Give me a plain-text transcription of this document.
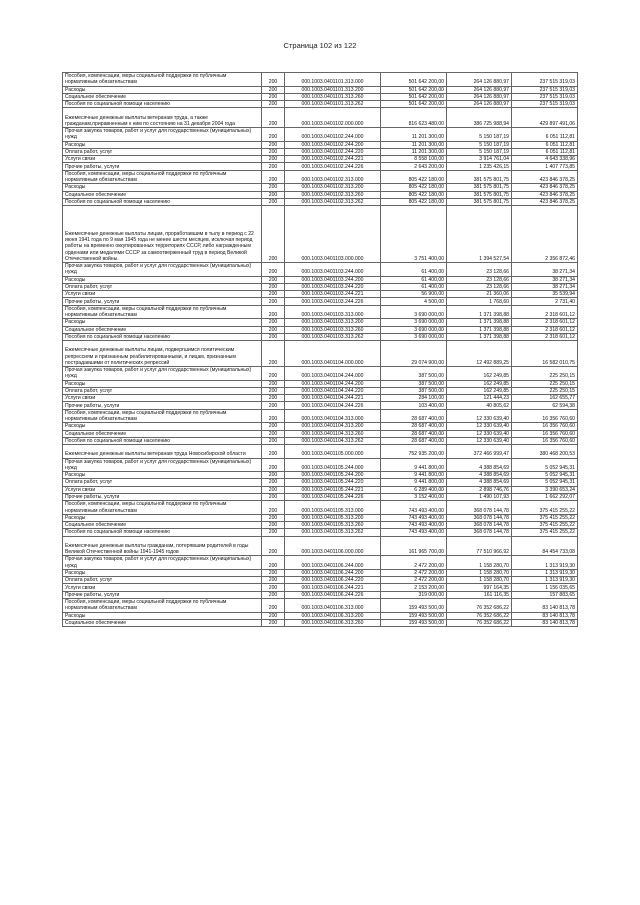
Страница 102 из 122
Пособия, компенсации, меры социальной поддержки по публичным нормативным обязательствам	200	000.1003.0401101.313.000	501 642 200,00	264 126 880,97	237 515 319,03
Расходы	200	000.1003.0401101.313.200	501 642 200,00	264 126 880,97	237 515 319,03
Социальное обеспечение	200	000.1003.0401101.313.260	501 642 200,00	264 126 880,97	237 515 319,03
Пособия по социальной помощи населению	200	000.1003.0401101.313.262	501 642 200,00	264 126 880,97	237 515 319,03
Ежемесячные денежные выплаты ветеранам труда, а также гражданам,приравненным к ним по состоянию на 31 декабря 2004 года	200	000.1003.0401102.000.000	816 623 480,00	386 725 988,94	429 897 491,06
Прочая закупка товаров, работ и услуг для государственных (муниципальных) нужд	200	000.1003.0401102.244.000	11 201 300,00	5 150 187,19	6 051 112,81
Расходы	200	000.1003.0401102.244.200	11 201 300,00	5 150 187,19	6 051 112,81
Оплата работ, услуг	200	000.1003.0401102.244.220	11 201 300,00	5 150 187,19	6 051 112,81
Услуги связи	200	000.1003.0401102.244.221	8 558 100,00	3 914 761,04	4 643 338,96
Прочие работы, услуги	200	000.1003.0401102.244.226	2 643 200,00	1 235 426,15	1 407 773,85
Пособия, компенсации, меры социальной поддержки по публичным нормативным обязательствам	200	000.1003.0401102.313.000	805 422 180,00	381 575 801,75	423 846 378,25
Расходы	200	000.1003.0401102.313.200	805 422 180,00	381 575 801,75	423 846 378,25
Социальное обеспечение	200	000.1003.0401102.313.260	805 422 180,00	381 575 801,75	423 846 378,25
Пособия по социальной помощи населению	200	000.1003.0401102.313.262	805 422 180,00	381 575 801,75	423 846 378,25
Ежемесячные денежные выплаты лицам, проработавшим в тылу в период с 22 июня 1941 года по 9 мая 1945 года не менее шести месяцев, исключая период работы на временно оккупированных территориях СССР, либо награжденным орденами или медалями СССР за самоотверженный труд в период Великой Отечественной войны.	200	000.1003.0401103.000.000	3 751 400,00	1 394 527,54	2 356 872,46
Прочая закупка товаров, работ и услуг для государственных (муниципальных) нужд	200	000.1003.0401103.244.000	61 400,00	23 128,66	38 271,34
Расходы	200	000.1003.0401103.244.200	61 400,00	23 128,66	38 271,34
Оплата работ, услуг	200	000.1003.0401103.244.220	61 400,00	23 128,66	38 271,34
Услуги связи	200	000.1003.0401103.244.221	56 900,00	21 360,06	35 539,94
Прочие работы, услуги	200	000.1003.0401103.244.226	4 500,00	1 768,60	2 731,40
Пособия, компенсации, меры социальной поддержки по публичным нормативным обязательствам	200	000.1003.0401103.313.000	3 690 000,00	1 371 398,88	2 318 601,12
Расходы	200	000.1003.0401103.313.200	3 690 000,00	1 371 398,88	2 318 601,12
Социальное обеспечение	200	000.1003.0401103.313.260	3 690 000,00	1 371 398,88	2 318 601,12
Пособия по социальной помощи населению	200	000.1003.0401103.313.262	3 690 000,00	1 371 398,88	2 318 601,12
Ежемесячные денежные выплаты лицам, подвергшимся политическим репрессиям и признанным реабилитированными, и лицам, признанным пострадавшими от политических репрессий	200	000.1003.0401104.000.000	29 074 900,00	12 492 889,25	16 582 010,75
Прочая закупка товаров, работ и услуг для государственных (муниципальных) нужд	200	000.1003.0401104.244.000	387 500,00	162 249,85	225 250,15
Расходы	200	000.1003.0401104.244.200	387 500,00	162 249,85	225 250,15
Оплата работ, услуг	200	000.1003.0401104.244.220	387 500,00	162 249,85	225 250,15
Услуги связи	200	000.1003.0401104.244.221	284 100,00	121 444,23	162 655,77
Прочие работы, услуги	200	000.1003.0401104.244.226	103 400,00	40 805,62	62 594,38
Пособия, компенсации, меры социальной поддержки по публичным нормативным обязательствам	200	000.1003.0401104.313.000	28 687 400,00	12 330 639,40	16 356 760,60
Расходы	200	000.1003.0401104.313.200	28 687 400,00	12 330 639,40	16 356 760,60
Социальное обеспечение	200	000.1003.0401104.313.260	28 687 400,00	12 330 639,40	16 356 760,60
Пособия по социальной помощи населению	200	000.1003.0401104.313.262	28 687 400,00	12 330 639,40	16 356 760,60
Ежемесячные денежные выплаты ветеранам труда Новосибирской области	200	000.1003.0401105.000.000	752 935 200,00	372 466 999,47	380 468 200,53
Прочая закупка товаров, работ и услуг для государственных (муниципальных) нужд	200	000.1003.0401105.244.000	9 441 800,00	4 388 854,69	5 052 945,31
Расходы	200	000.1003.0401105.244.200	9 441 800,00	4 388 854,69	5 052 945,31
Оплата работ, услуг	200	000.1003.0401105.244.220	9 441 800,00	4 388 854,69	5 052 945,31
Услуги связи	200	000.1003.0401105.244.221	6 289 400,00	2 898 746,76	3 390 653,24
Прочие работы, услуги	200	000.1003.0401105.244.226	3 152 400,00	1 490 107,93	1 662 292,07
Пособия, компенсации, меры социальной поддержки по публичным нормативным обязательствам	200	000.1003.0401105.313.000	743 493 400,00	368 078 144,78	375 415 255,22
Расходы	200	000.1003.0401105.313.200	743 493 400,00	368 078 144,78	375 415 255,22
Социальное обеспечение	200	000.1003.0401105.313.260	743 493 400,00	368 078 144,78	375 415 255,22
Пособия по социальной помощи населению	200	000.1003.0401105.313.262	743 493 400,00	368 078 144,78	375 415 255,22
Ежемесячные денежные выплаты гражданам, потерявшим родителей в годы Великой Отечественной войны 1941-1945 годов	200	000.1003.0401106.000.000	161 965 700,00	77 510 966,92	84 454 733,08
Прочая закупка товаров, работ и услуг для государственных (муниципальных) нужд	200	000.1003.0401106.244.000	2 472 200,00	1 158 280,70	1 313 919,30
Расходы	200	000.1003.0401106.244.200	2 472 200,00	1 158 280,70	1 313 919,30
Оплата работ, услуг	200	000.1003.0401106.244.220	2 472 200,00	1 158 280,70	1 313 919,30
Услуги связи	200	000.1003.0401106.244.221	2 153 200,00	997 164,35	1 156 035,65
Прочие работы, услуги	200	000.1003.0401106.244.226	319 000,00	161 116,35	157 883,65
Пособия, компенсации, меры социальной поддержки по публичным нормативным обязательствам	200	000.1003.0401106.313.000	159 493 500,00	76 352 686,22	83 140 813,78
Расходы	200	000.1003.0401106.313.200	159 493 500,00	76 352 686,22	83 140 813,78
Социальное обеспечение	200	000.1003.0401106.313.260	159 493 500,00	76 352 686,22	83 140 813,78
